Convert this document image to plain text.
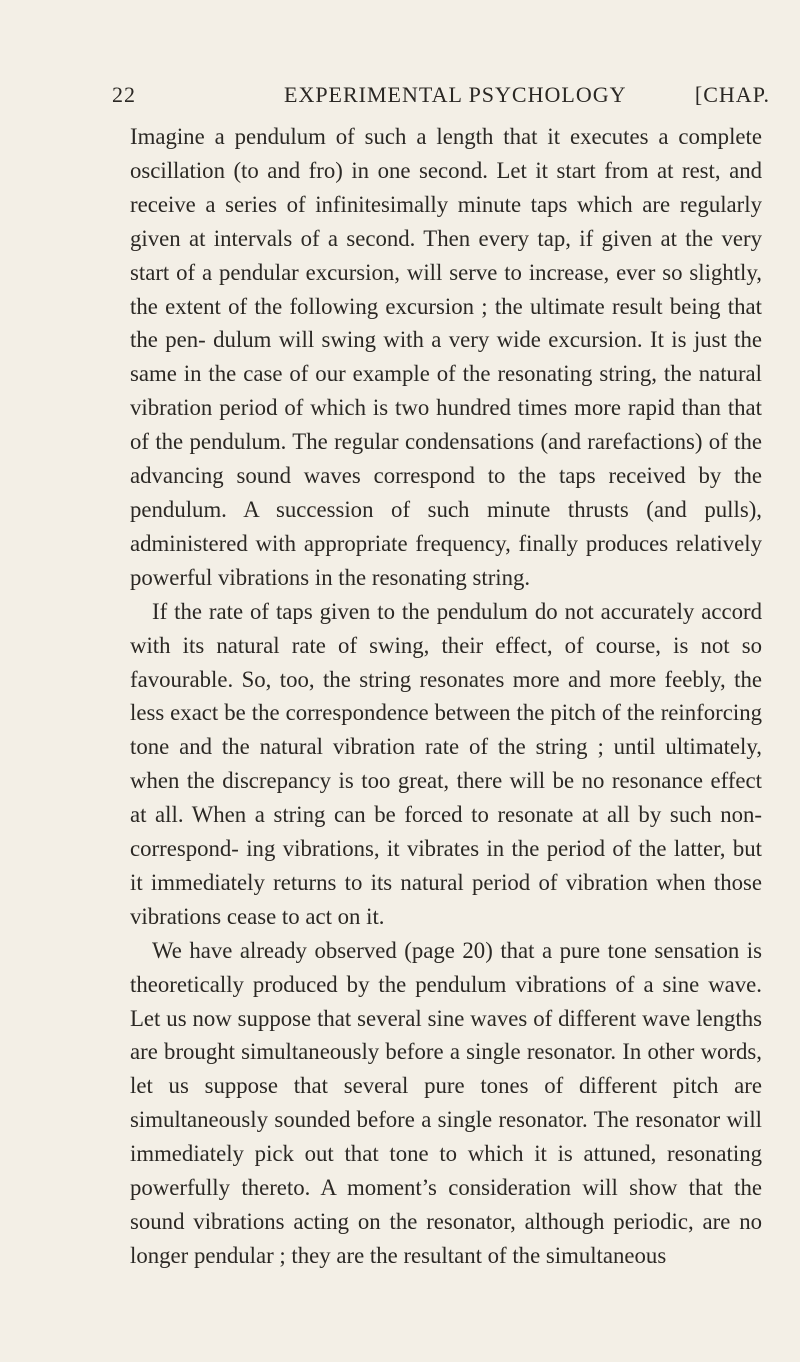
22	EXPERIMENTAL PSYCHOLOGY	[CHAP.

Imagine a pendulum of such a length that it executes a complete oscillation (to and fro) in one second. Let it start from at rest, and receive a series of infinitesimally minute taps which are regularly given at intervals of a second. Then every tap, if given at the very start of a pendular excursion, will serve to increase, ever so slightly, the extent of the following excursion ; the ultimate result being that the pen- dulum will swing with a very wide excursion. It is just the same in the case of our example of the resonating string, the natural vibration period of which is two hundred times more rapid than that of the pendulum. The regular condensations (and rarefactions) of the advancing sound waves correspond to the taps received by the pendulum. A succession of such minute thrusts (and pulls), administered with appropriate frequency, finally produces relatively powerful vibrations in the resonating string.

If the rate of taps given to the pendulum do not accurately accord with its natural rate of swing, their effect, of course, is not so favourable. So, too, the string resonates more and more feebly, the less exact be the correspondence between the pitch of the reinforcing tone and the natural vibration rate of the string ; until ultimately, when the discrepancy is too great, there will be no resonance effect at all. When a string can be forced to resonate at all by such non-correspond- ing vibrations, it vibrates in the period of the latter, but it immediately returns to its natural period of vibration when those vibrations cease to act on it.

We have already observed (page 20) that a pure tone sensation is theoretically produced by the pendulum vibrations of a sine wave. Let us now suppose that several sine waves of different wave lengths are brought simultaneously before a single resonator. In other words, let us suppose that several pure tones of different pitch are simultaneously sounded before a single resonator. The resonator will immediately pick out that tone to which it is attuned, resonating powerfully thereto. A moment’s consideration will show that the sound vibrations acting on the resonator, although periodic, are no longer pendular ; they are the resultant of the simultaneous
